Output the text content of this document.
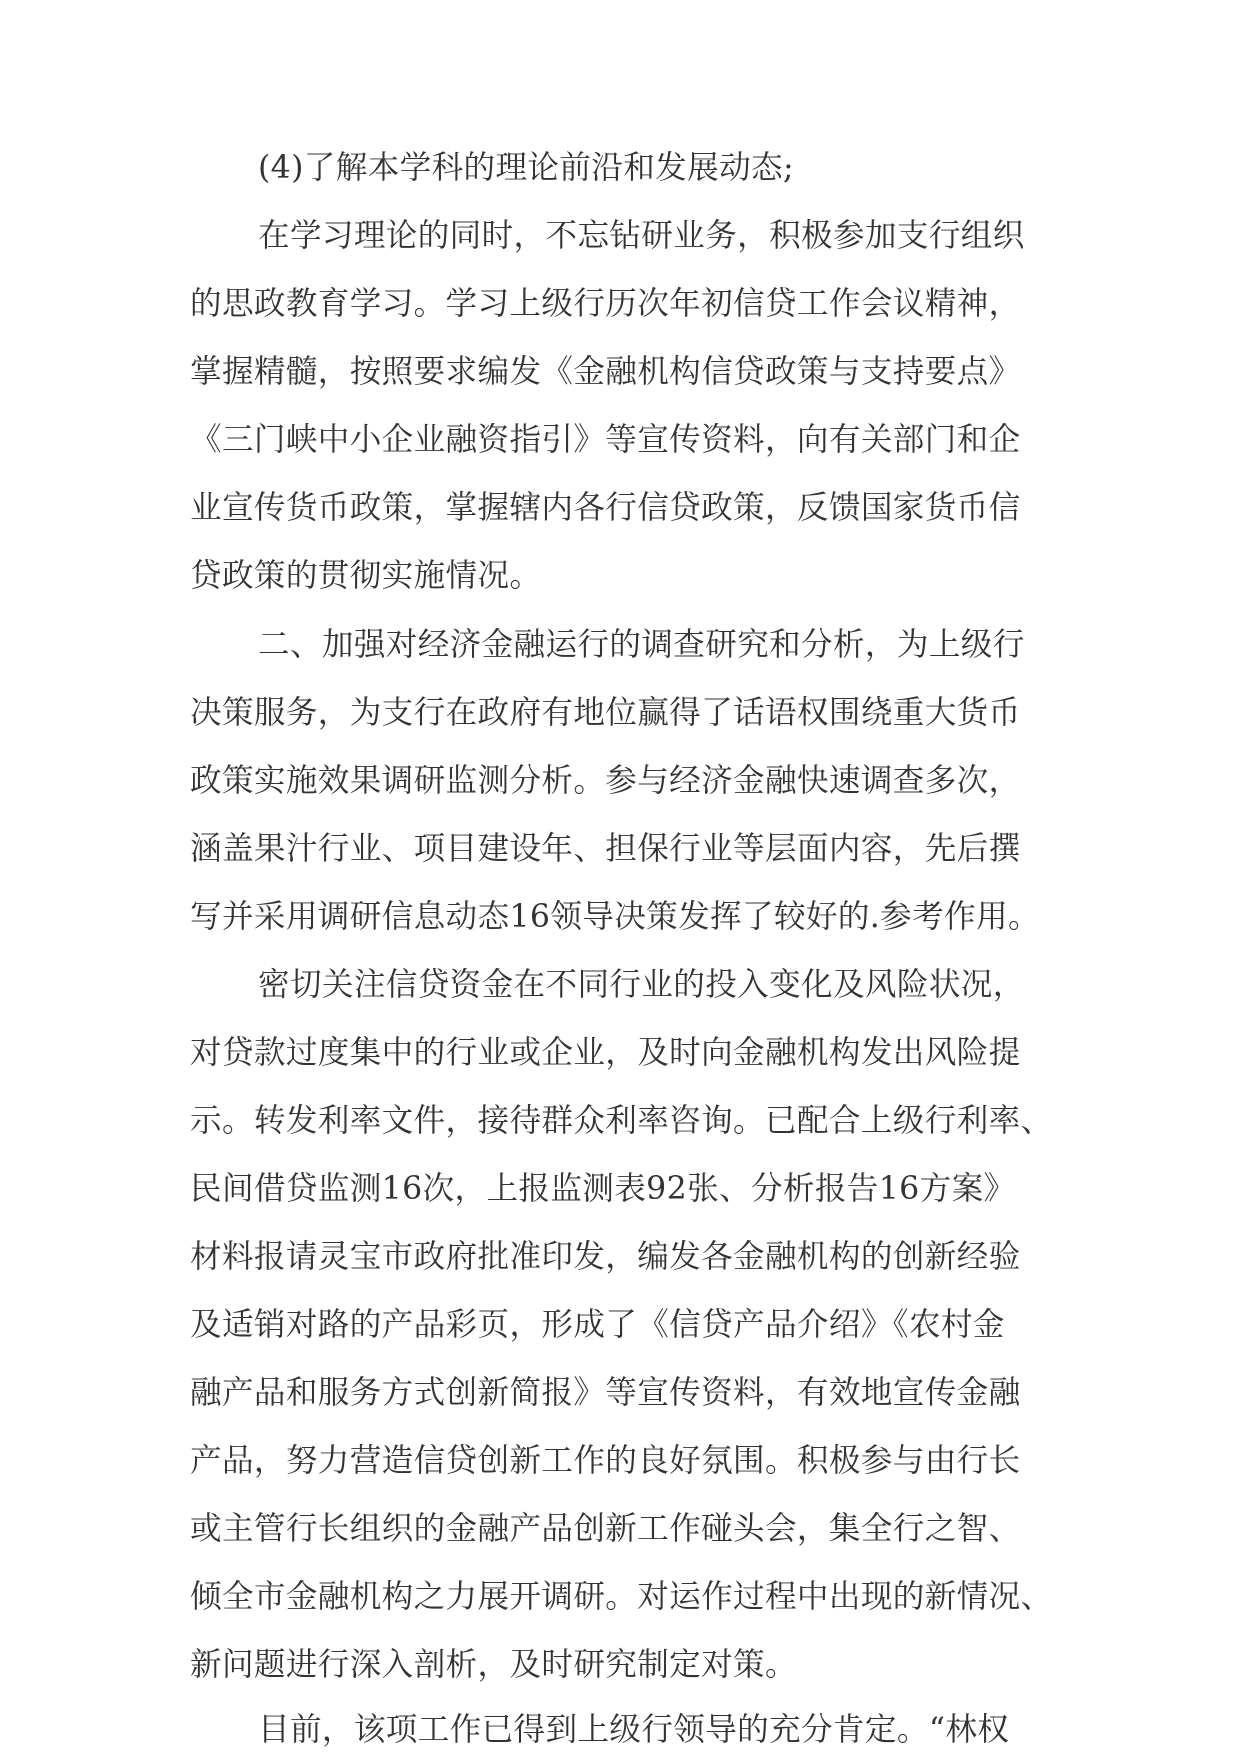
(4)了解本学科的理论前沿和发展动态;
在学习理论的同时，不忘钻研业务，积极参加支行组织
的思政教育学习。学习上级行历次年初信贷工作会议精神，
掌握精髓，按照要求编发《金融机构信贷政策与支持要点》
《三门峡中小企业融资指引》等宣传资料，向有关部门和企
业宣传货币政策，掌握辖内各行信贷政策，反馈国家货币信
贷政策的贯彻实施情况。
二、加强对经济金融运行的调查研究和分析，为上级行
决策服务，为支行在政府有地位赢得了话语权围绕重大货币
政策实施效果调研监测分析。参与经济金融快速调查多次，
涵盖果汁行业、项目建设年、担保行业等层面内容，先后撰
写并采用调研信息动态16领导决策发挥了较好的.参考作用。
密切关注信贷资金在不同行业的投入变化及风险状况，
对贷款过度集中的行业或企业，及时向金融机构发出风险提
示。转发利率文件，接待群众利率咨询。已配合上级行利率、
民间借贷监测16次，上报监测表92张、分析报告16方案》
材料报请灵宝市政府批准印发，编发各金融机构的创新经验
及适销对路的产品彩页，形成了《信贷产品介绍》《农村金
融产品和服务方式创新简报》等宣传资料，有效地宣传金融
产品，努力营造信贷创新工作的良好氛围。积极参与由行长
或主管行长组织的金融产品创新工作碰头会，集全行之智、
倾全市金融机构之力展开调研。对运作过程中出现的新情况、
新问题进行深入剖析，及时研究制定对策。
目前，该项工作已得到上级行领导的充分肯定。“林权
